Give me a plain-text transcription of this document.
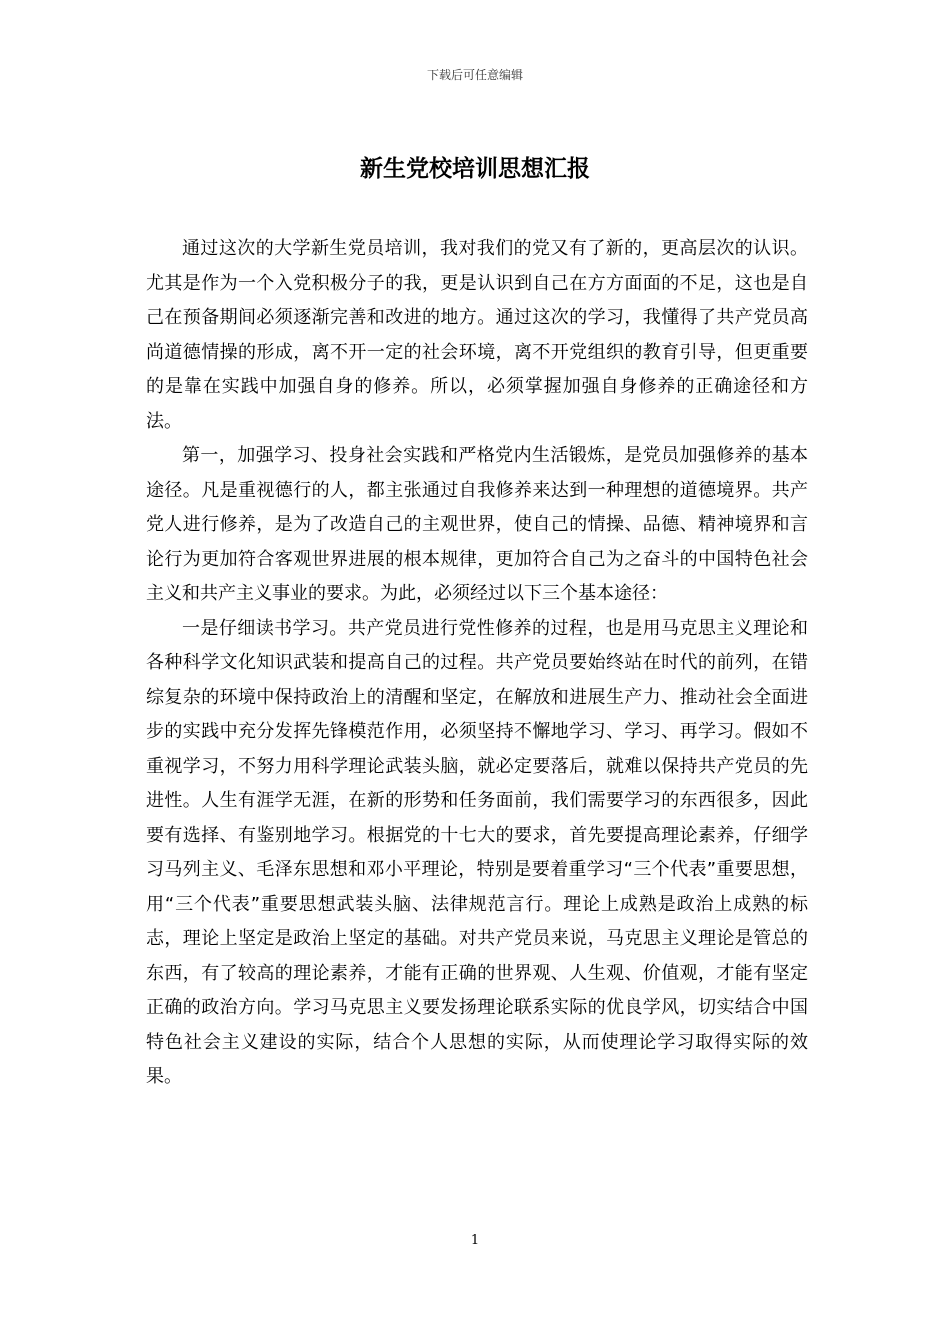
下载后可任意编辑
新生党校培训思想汇报

通过这次的大学新生党员培训，我对我们的党又有了新的，更高层次的认识。尤其是作为一个入党积极分子的我，更是认识到自己在方方面面的不足，这也是自己在预备期间必须逐渐完善和改进的地方。通过这次的学习，我懂得了共产党员高尚道德情操的形成，离不开一定的社会环境，离不开党组织的教育引导，但更重要的是靠在实践中加强自身的修养。所以，必须掌握加强自身修养的正确途径和方法。

第一，加强学习、投身社会实践和严格党内生活锻炼，是党员加强修养的基本途径。凡是重视德行的人，都主张通过自我修养来达到一种理想的道德境界。共产党人进行修养，是为了改造自己的主观世界，使自己的情操、品德、精神境界和言论行为更加符合客观世界进展的根本规律，更加符合自己为之奋斗的中国特色社会主义和共产主义事业的要求。为此，必须经过以下三个基本途径：

一是仔细读书学习。共产党员进行党性修养的过程，也是用马克思主义理论和各种科学文化知识武装和提高自己的过程。共产党员要始终站在时代的前列，在错综复杂的环境中保持政治上的清醒和坚定，在解放和进展生产力、推动社会全面进步的实践中充分发挥先锋模范作用，必须坚持不懈地学习、学习、再学习。假如不重视学习，不努力用科学理论武装头脑，就必定要落后，就难以保持共产党员的先进性。人生有涯学无涯，在新的形势和任务面前，我们需要学习的东西很多，因此要有选择、有鉴别地学习。根据党的十七大的要求，首先要提高理论素养，仔细学习马列主义、毛泽东思想和邓小平理论，特别是要着重学习“三个代表”重要思想，用“三个代表”重要思想武装头脑、法律规范言行。理论上成熟是政治上成熟的标志，理论上坚定是政治上坚定的基础。对共产党员来说，马克思主义理论是管总的东西，有了较高的理论素养，才能有正确的世界观、人生观、价值观，才能有坚定正确的政治方向。学习马克思主义要发扬理论联系实际的优良学风，切实结合中国特色社会主义建设的实际，结合个人思想的实际，从而使理论学习取得实际的效果。

1
